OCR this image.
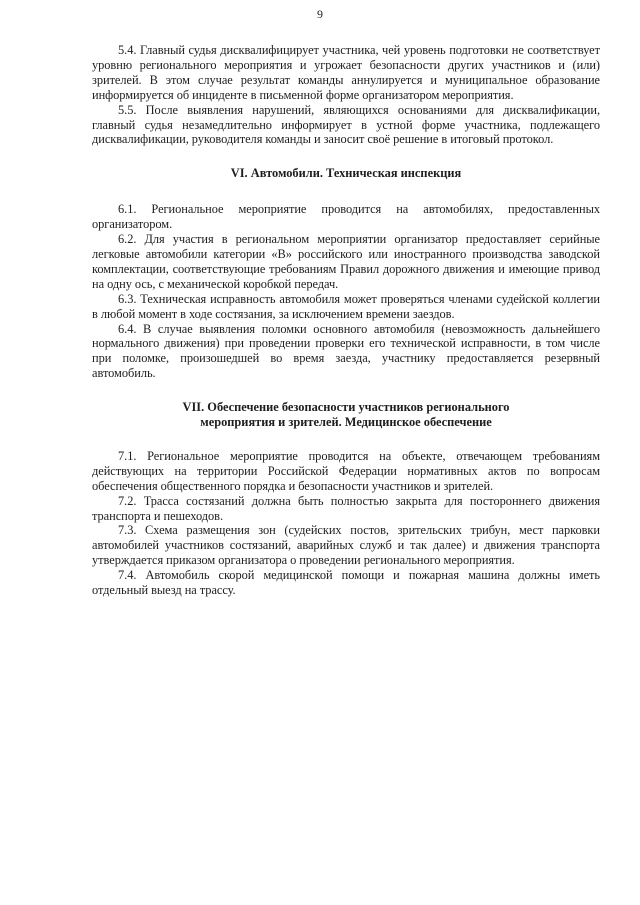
9

5.4. Главный судья дисквалифицирует участника, чей уровень подготовки не соответствует уровню регионального мероприятия и угрожает безопасности других участников и (или) зрителей. В этом случае результат команды аннулируется и муниципальное образование информируется об инциденте в письменной форме организатором мероприятия.

5.5. После выявления нарушений, являющихся основаниями для дисквалификации, главный судья незамедлительно информирует в устной форме участника, подлежащего дисквалификации, руководителя команды и заносит своё решение в итоговый протокол.

VI. Автомобили. Техническая инспекция

6.1. Региональное мероприятие проводится на автомобилях, предоставленных организатором.

6.2. Для участия в региональном мероприятии организатор предоставляет серийные легковые автомобили категории «В» российского или иностранного производства заводской комплектации, соответствующие требованиям Правил дорожного движения и имеющие привод на одну ось, с механической коробкой передач.

6.3. Техническая исправность автомобиля может проверяться членами судейской коллегии в любой момент в ходе состязания, за исключением времени заездов.

6.4. В случае выявления поломки основного автомобиля (невозможность дальнейшего нормального движения) при проведении проверки его технической исправности, в том числе при поломке, произошедшей во время заезда, участнику предоставляется резервный автомобиль.

VII. Обеспечение безопасности участников регионального
мероприятия и зрителей. Медицинское обеспечение

7.1. Региональное мероприятие проводится на объекте, отвечающем требованиям действующих на территории Российской Федерации нормативных актов по вопросам обеспечения общественного порядка и безопасности участников и зрителей.

7.2. Трасса состязаний должна быть полностью закрыта для постороннего движения транспорта и пешеходов.

7.3. Схема размещения зон (судейских постов, зрительских трибун, мест парковки автомобилей участников состязаний, аварийных служб и так далее) и движения транспорта утверждается приказом организатора о проведении регионального мероприятия.

7.4. Автомобиль скорой медицинской помощи и пожарная машина должны иметь отдельный выезд на трассу.
